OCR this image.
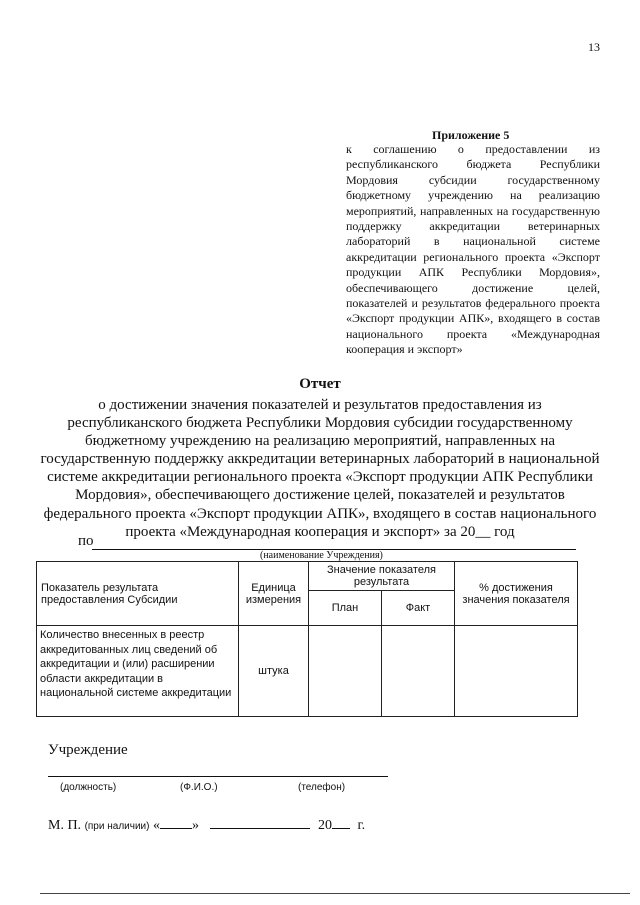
13
Приложение 5

к соглашению о предоставлении из республиканского бюджета Республики Мордовия субсидии государственному бюджетному учреждению на реализацию мероприятий, направленных на государственную поддержку аккредитации ветеринарных лабораторий в национальной системе аккредитации регионального проекта «Экспорт продукции АПК Республики Мордовия», обеспечивающего достижение целей, показателей и результатов федерального проекта «Экспорт продукции АПК», входящего в состав национального проекта «Международная кооперация и экспорт»

Отчет

о достижении значения показателей и результатов предоставления из республиканского бюджета Республики Мордовия субсидии государственному бюджетному учреждению на реализацию мероприятий, направленных на государственную поддержку аккредитации ветеринарных лабораторий в национальной системе аккредитации регионального проекта «Экспорт продукции АПК Республики Мордовия», обеспечивающего достижение целей, показателей и результатов федерального проекта «Экспорт продукции АПК», входящего в состав национального проекта «Международная кооперация и экспорт» за 20__ год

по
(наименование Учреждения)
Показатель результата предоставления Субсидии	Единица измерения	Значение показателя результата		% достижения значения показателя
		План	Факт	
Количество внесенных в реестр аккредитованных лиц сведений об аккредитации и (или) расширении области аккредитации в национальной системе аккредитации	штука			
Учреждение
(должность)	(Ф.И.О.)	(телефон)
М. П. (при наличии) « »	20 г.
